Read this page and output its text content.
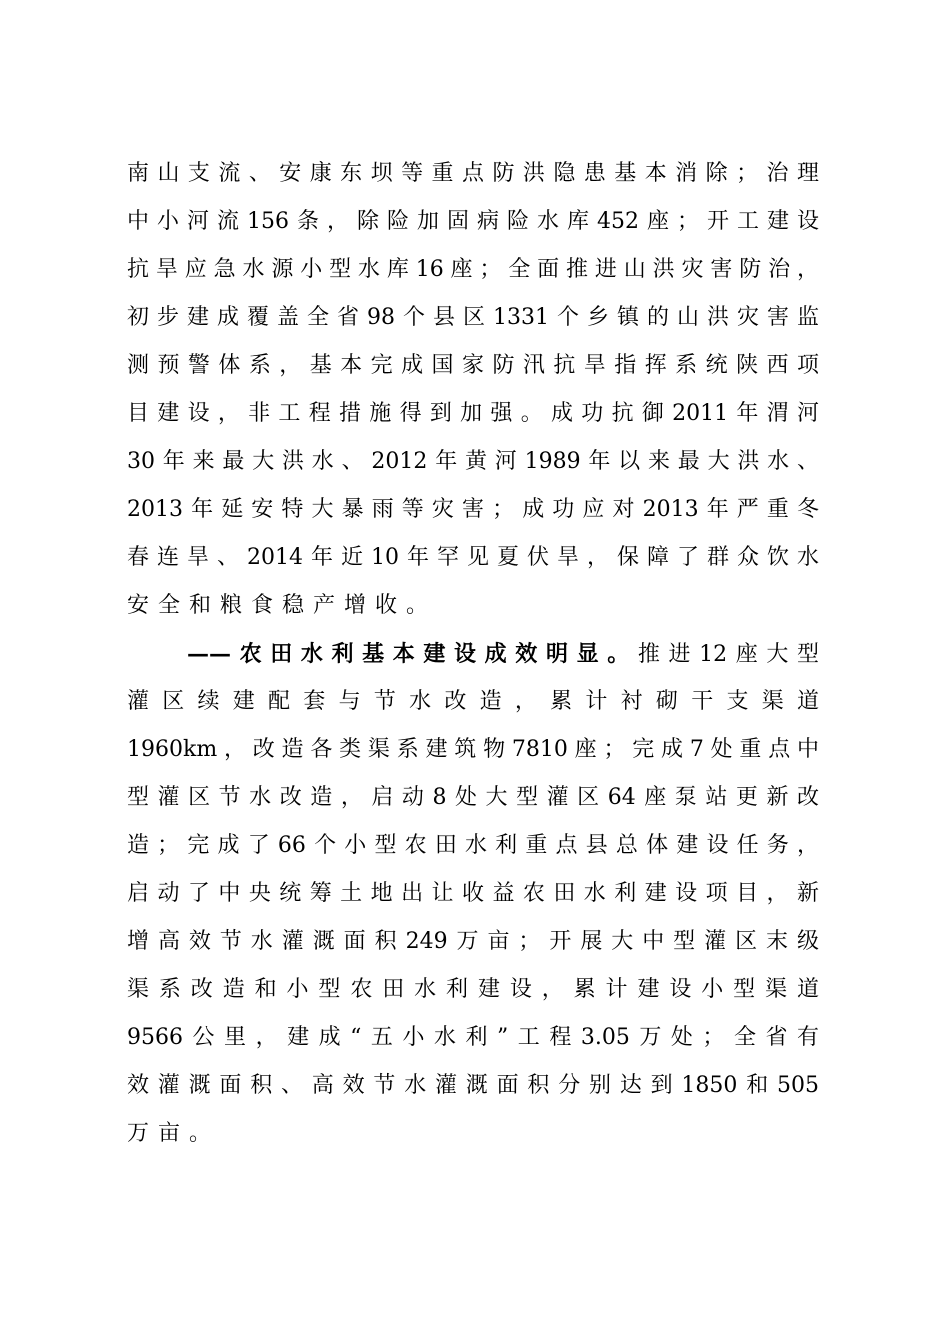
南山支流、安康东坝等重点防洪隐患基本消除；治理
中小河流156条，除险加固病险水库452座；开工建设
抗旱应急水源小型水库16座；全面推进山洪灾害防治，
初步建成覆盖全省98个县区1331个乡镇的山洪灾害监
测预警体系，基本完成国家防汛抗旱指挥系统陕西项
目建设，非工程措施得到加强。成功抗御2011年渭河
30年来最大洪水、2012年黄河1989年以来最大洪水、
2013年延安特大暴雨等灾害；成功应对2013年严重冬
春连旱、2014年近10年罕见夏伏旱，保障了群众饮水
安全和粮食稳产增收。
——农田水利基本建设成效明显。推进12座大型
灌区续建配套与节水改造，累计衬砌干支渠道
1960km，改造各类渠系建筑物7810座；完成7处重点中
型灌区节水改造，启动8处大型灌区64座泵站更新改
造；完成了66个小型农田水利重点县总体建设任务，
启动了中央统筹土地出让收益农田水利建设项目，新
增高效节水灌溉面积249万亩；开展大中型灌区末级
渠系改造和小型农田水利建设，累计建设小型渠道
9566公里，建成“五小水利”工程3.05万处；全省有
效灌溉面积、高效节水灌溉面积分别达到1850和505
万亩。
